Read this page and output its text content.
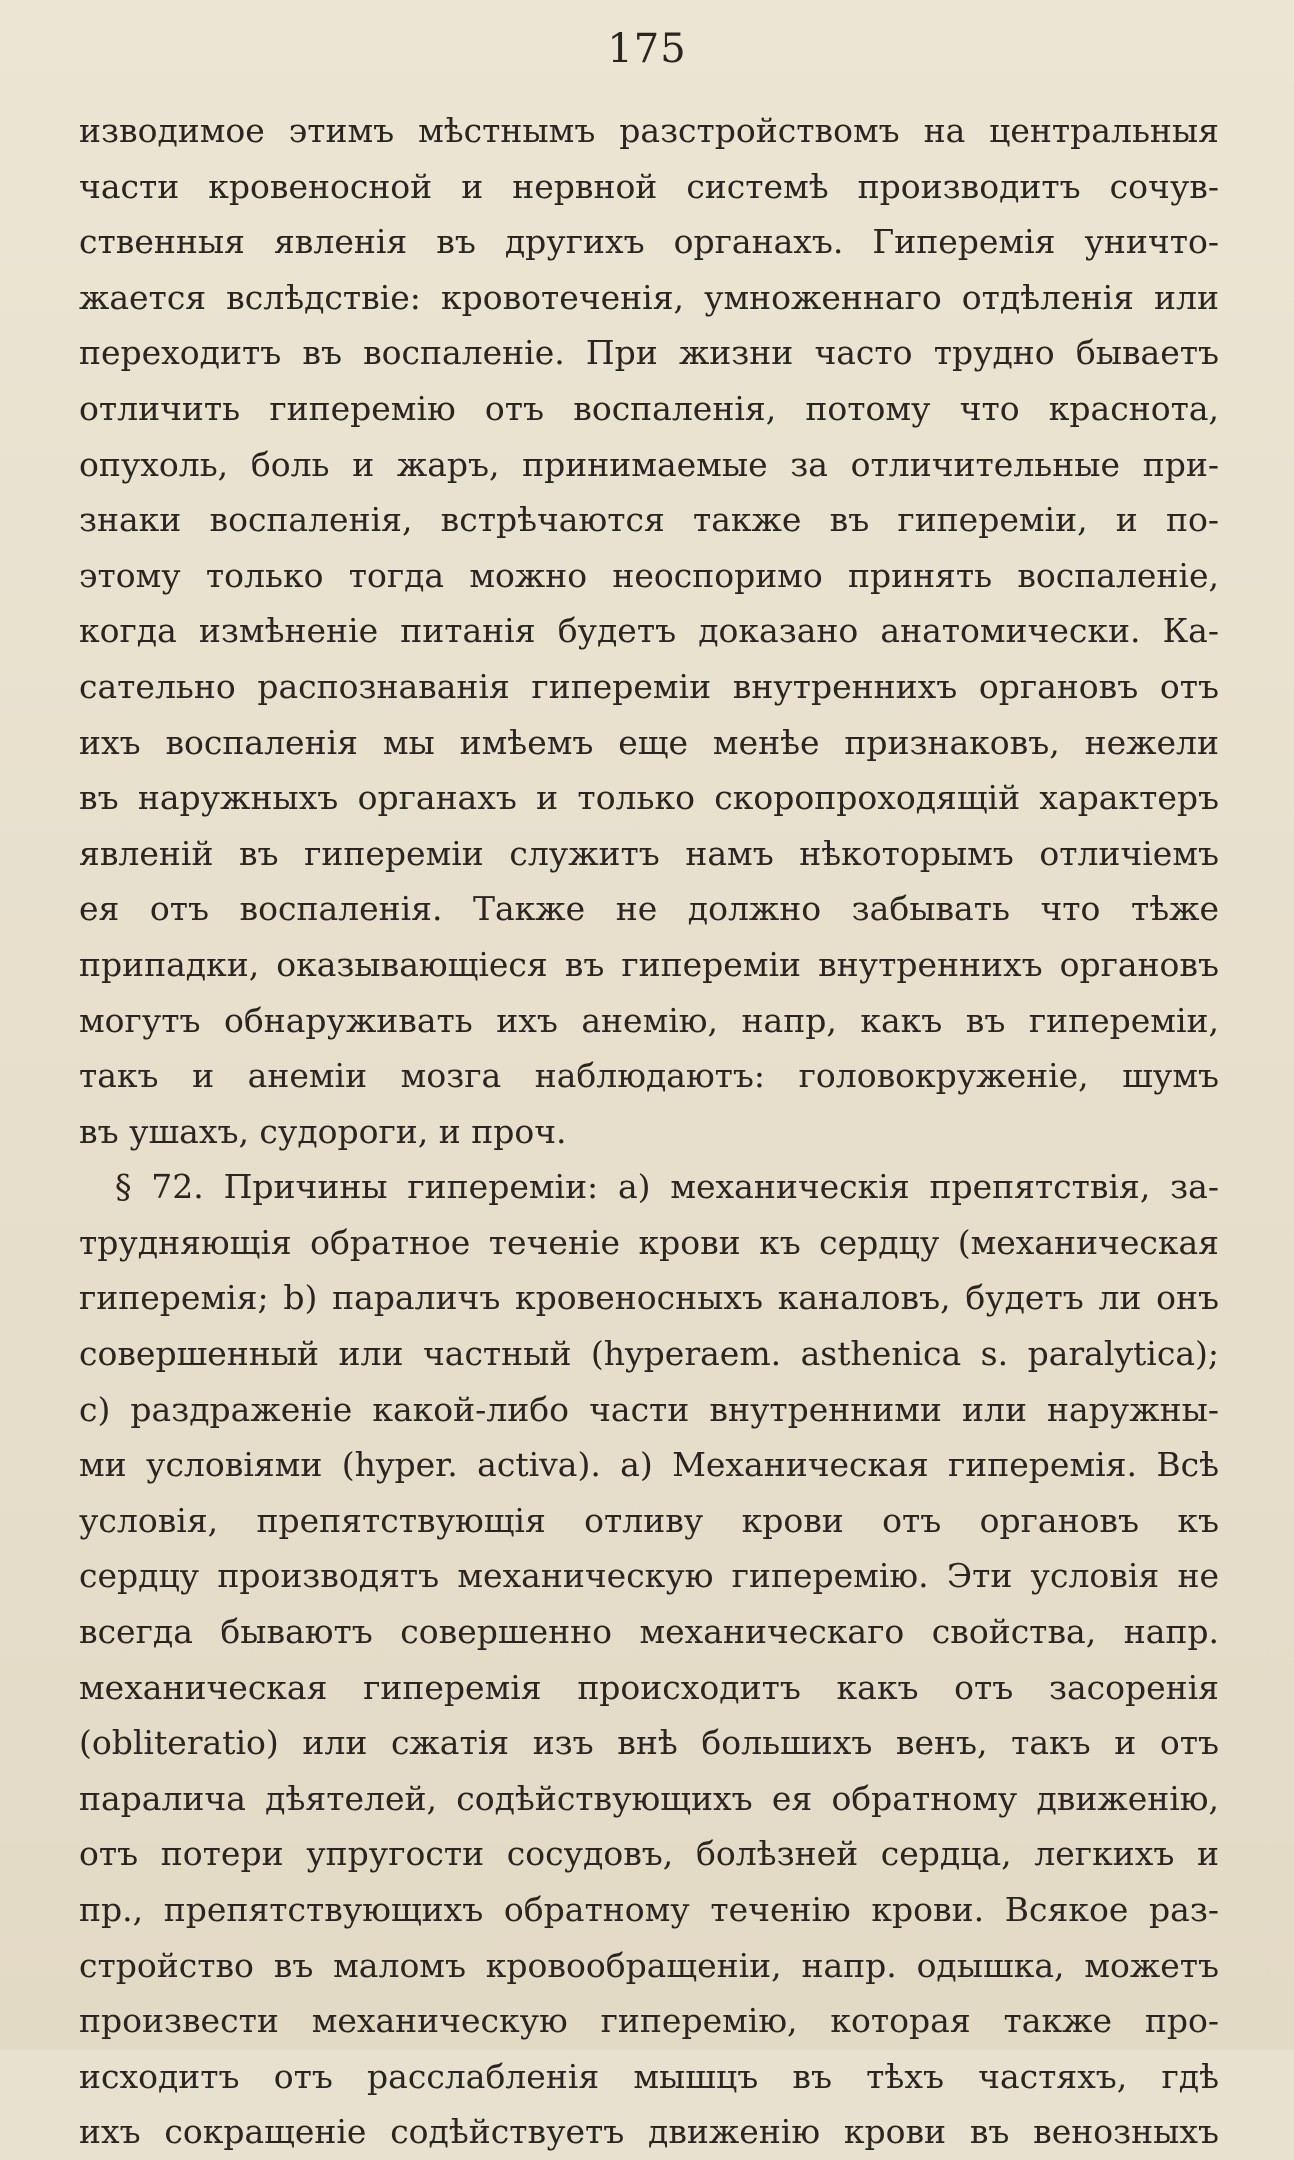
175
изводимое этимъ мѣстнымъ разстройствомъ на центральныя
части кровеносной и нервной системѣ производитъ сочув-
ственныя явленія въ другихъ органахъ. Гиперемія уничто-
жается вслѣдствіе: кровотеченія, умноженнаго отдѣленія или
переходитъ въ воспаленіе. При жизни часто трудно бываетъ
отличить гиперемію отъ воспаленія, потому что краснота,
опухоль, боль и жаръ, принимаемые за отличительные при-
знаки воспаленія, встрѣчаются также въ гипереміи, и по-
этому только тогда можно неоспоримо принять воспаленіе,
когда измѣненіе питанія будетъ доказано анатомически. Ка-
сательно распознаванія гипереміи внутреннихъ органовъ отъ
ихъ воспаленія мы имѣемъ еще менѣе признаковъ, нежели
въ наружныхъ органахъ и только скоропроходящій характеръ
явленій въ гипереміи служитъ намъ нѣкоторымъ отличіемъ
ея отъ воспаленія. Также не должно забывать что тѣже
припадки, оказывающіеся въ гипереміи внутреннихъ органовъ
могутъ обнаруживать ихъ анемію, напр, какъ въ гипереміи,
такъ и анеміи мозга наблюдаютъ: головокруженіе, шумъ
въ ушахъ, судороги, и проч.
§ 72. Причины гипереміи: а) механическія препятствія, за-
трудняющія обратное теченіе крови къ сердцу (механическая
гиперемія; b) параличъ кровеносныхъ каналовъ, будетъ ли онъ
совершенный или частный (hyperaem. asthenica s. paralytica);
c) раздраженіе какой-либо части внутренними или наружны-
ми условіями (hyper. activa). а) Механическая гиперемія. Всѣ
условія, препятствующія отливу крови отъ органовъ къ
сердцу производятъ механическую гиперемію. Эти условія не
всегда бываютъ совершенно механическаго свойства, напр.
механическая гиперемія происходитъ какъ отъ засоренія
(obliteratio) или сжатія изъ внѣ большихъ венъ, такъ и отъ
паралича дѣятелей, содѣйствующихъ ея обратному движенію,
отъ потери упругости сосудовъ, болѣзней сердца, легкихъ и
пр., препятствующихъ обратному теченію крови. Всякое раз-
стройство въ маломъ кровообращеніи, напр. одышка, можетъ
произвести механическую гиперемію, которая также про-
исходитъ отъ расслабленія мышцъ въ тѣхъ частяхъ, гдѣ
ихъ сокращеніе содѣйствуетъ движенію крови въ венозныхъ
